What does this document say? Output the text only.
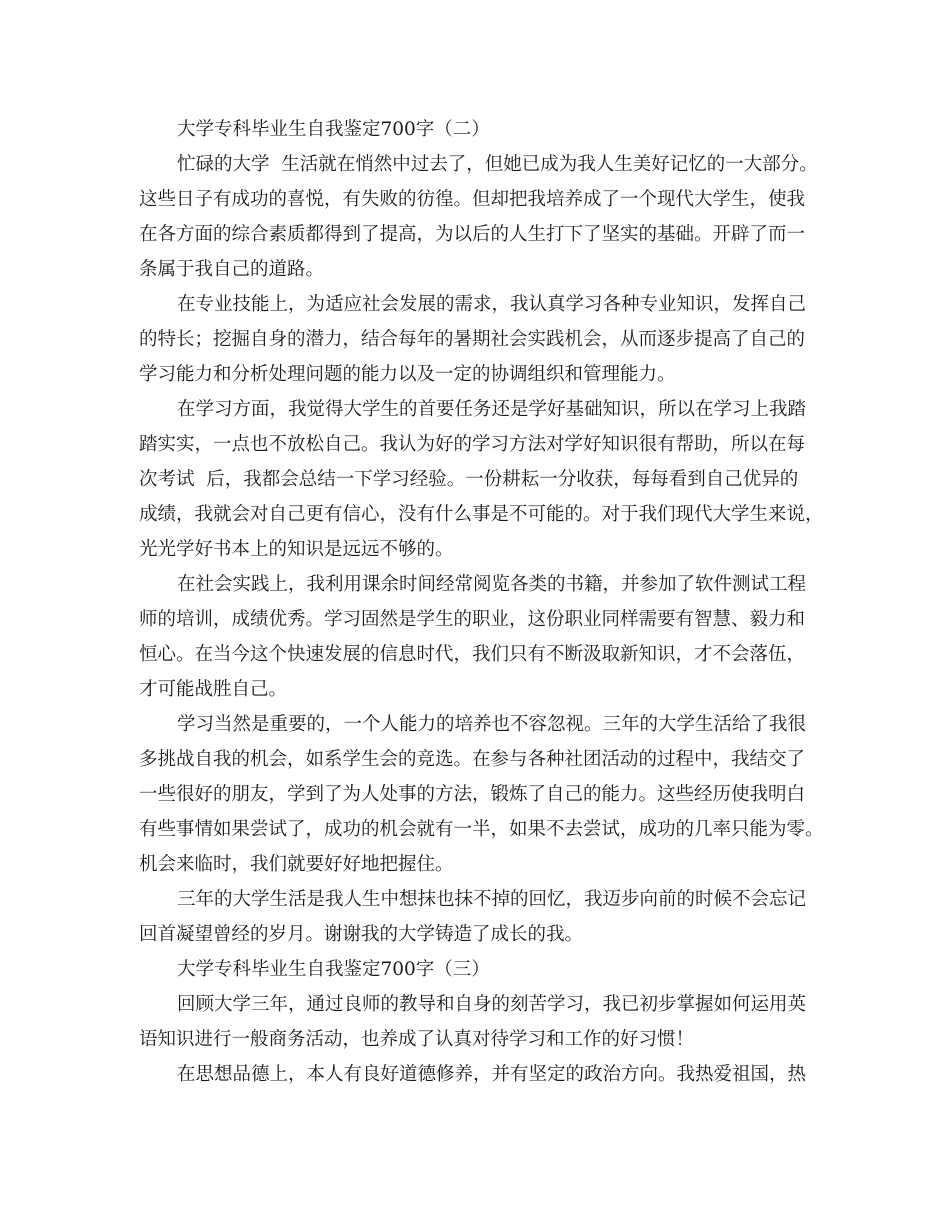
大学专科毕业生自我鉴定700字（二）
忙碌的大学  生活就在悄然中过去了，但她已成为我人生美好记忆的一大部分。
这些日子有成功的喜悦，有失败的彷徨。但却把我培养成了一个现代大学生，使我
在各方面的综合素质都得到了提高，为以后的人生打下了坚实的基础。开辟了而一
条属于我自己的道路。
在专业技能上，为适应社会发展的需求，我认真学习各种专业知识，发挥自己
的特长；挖掘自身的潜力，结合每年的暑期社会实践机会，从而逐步提高了自己的
学习能力和分析处理问题的能力以及一定的协调组织和管理能力。
在学习方面，我觉得大学生的首要任务还是学好基础知识，所以在学习上我踏
踏实实，一点也不放松自己。我认为好的学习方法对学好知识很有帮助，所以在每
次考试  后，我都会总结一下学习经验。一份耕耘一分收获，每每看到自己优异的
成绩，我就会对自己更有信心，没有什么事是不可能的。对于我们现代大学生来说，
光光学好书本上的知识是远远不够的。
在社会实践上，我利用课余时间经常阅览各类的书籍，并参加了软件测试工程
师的培训，成绩优秀。学习固然是学生的职业，这份职业同样需要有智慧、毅力和
恒心。在当今这个快速发展的信息时代，我们只有不断汲取新知识，才不会落伍，
才可能战胜自己。
学习当然是重要的，一个人能力的培养也不容忽视。三年的大学生活给了我很
多挑战自我的机会，如系学生会的竞选。在参与各种社团活动的过程中，我结交了
一些很好的朋友，学到了为人处事的方法，锻炼了自己的能力。这些经历使我明白
有些事情如果尝试了，成功的机会就有一半，如果不去尝试，成功的几率只能为零。
机会来临时，我们就要好好地把握住。
三年的大学生活是我人生中想抹也抹不掉的回忆，我迈步向前的时候不会忘记
回首凝望曾经的岁月。谢谢我的大学铸造了成长的我。
大学专科毕业生自我鉴定700字（三）
回顾大学三年，通过良师的教导和自身的刻苦学习，我已初步掌握如何运用英
语知识进行一般商务活动，也养成了认真对待学习和工作的好习惯！
在思想品德上，本人有良好道德修养，并有坚定的政治方向。我热爱祖国，热
